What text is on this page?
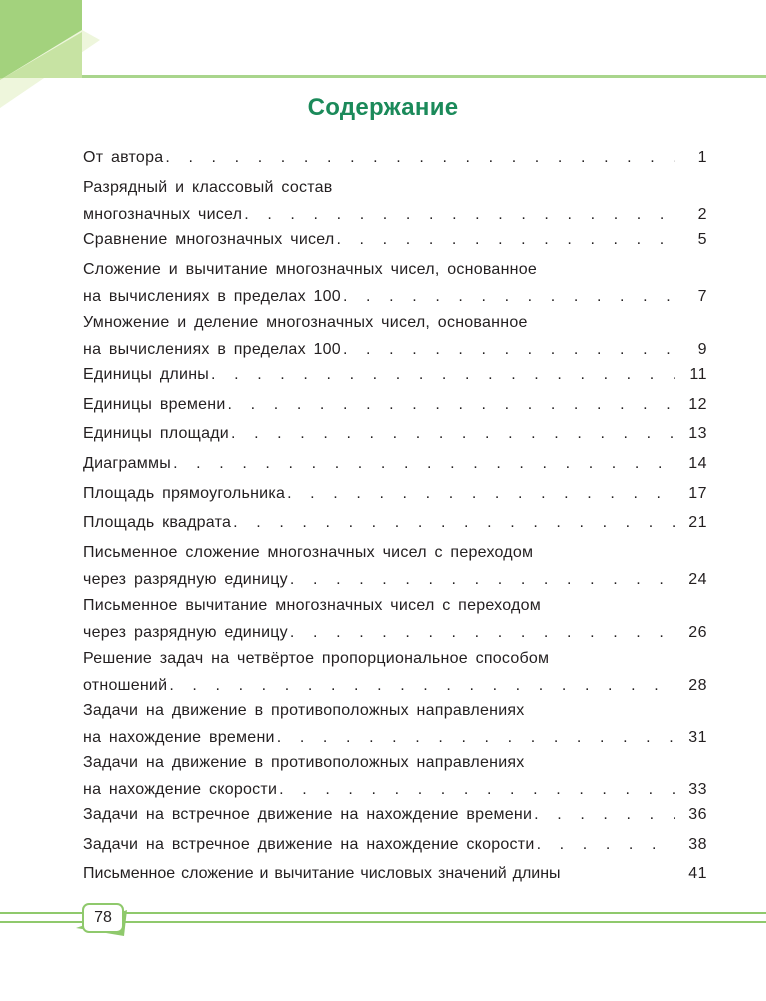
Содержание
От автора . . .	1
Разрядный и классовый состав
многозначных чисел . . .	2
Сравнение многозначных чисел . . .	5
Сложение и вычитание многозначных чисел, основанное
на вычислениях в пределах 100 . . .	7
Умножение и деление многозначных чисел, основанное
на вычислениях в пределах 100 . . .	9
Единицы длины . . .	11
Единицы времени . . .	12
Единицы площади . . .	13
Диаграммы . . .	14
Площадь прямоугольника . . .	17
Площадь квадрата . . .	21
Письменное сложение многозначных чисел с переходом
через разрядную единицу . . .	24
Письменное вычитание многозначных чисел с переходом
через разрядную единицу . . .	26
Решение задач на четвёртое пропорциональное способом
отношений . . .	28
Задачи на движение в противоположных направлениях
на нахождение времени . . .	31
Задачи на движение в противоположных направлениях
на нахождение скорости . . .	33
Задачи на встречное движение на нахождение времени . . .	36
Задачи на встречное движение на нахождение скорости . . .	38
Письменное сложение и вычитание числовых значений длины	41
78
